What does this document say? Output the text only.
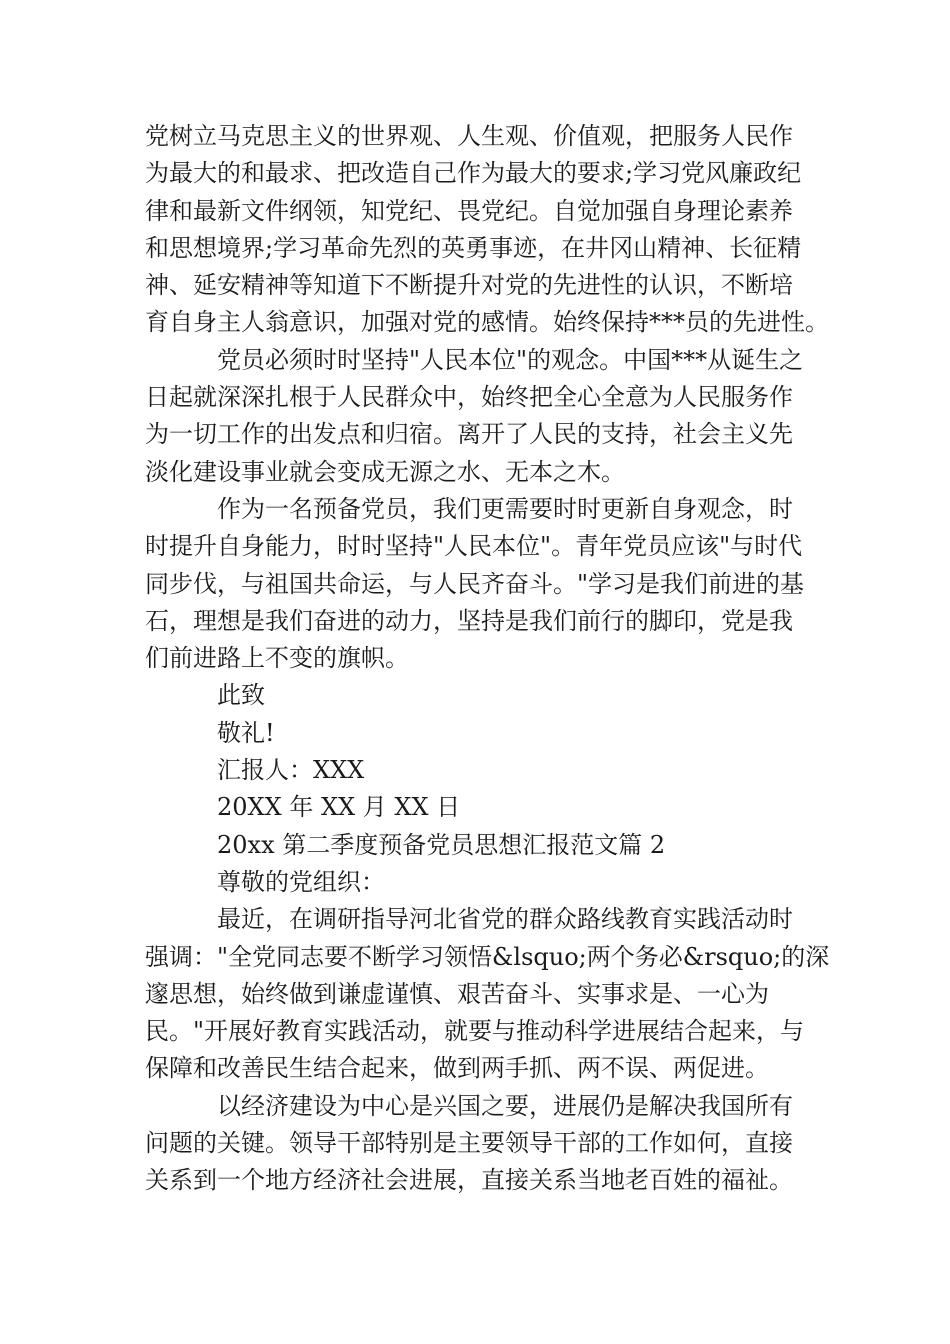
党树立马克思主义的世界观、人生观、价值观，把服务人民作
为最大的和最求、把改造自己作为最大的要求;学习党风廉政纪
律和最新文件纲领，知党纪、畏党纪。自觉加强自身理论素养
和思想境界;学习革命先烈的英勇事迹，在井冈山精神、长征精
神、延安精神等知道下不断提升对党的先进性的认识，不断培
育自身主人翁意识，加强对党的感情。始终保持***员的先进性。
党员必须时时坚持"人民本位"的观念。中国***从诞生之
日起就深深扎根于人民群众中，始终把全心全意为人民服务作
为一切工作的出发点和归宿。离开了人民的支持，社会主义先
淡化建设事业就会变成无源之水、无本之木。
作为一名预备党员，我们更需要时时更新自身观念，时
时提升自身能力，时时坚持"人民本位"。青年党员应该"与时代
同步伐，与祖国共命运，与人民齐奋斗。"学习是我们前进的基
石，理想是我们奋进的动力，坚持是我们前行的脚印，党是我
们前进路上不变的旗帜。
此致
敬礼!
汇报人：XXX
20XX 年 XX 月 XX 日
20xx 第二季度预备党员思想汇报范文篇 2
尊敬的党组织：
最近，在调研指导河北省党的群众路线教育实践活动时
强调："全党同志要不断学习领悟&lsquo;两个务必&rsquo;的深
邃思想，始终做到谦虚谨慎、艰苦奋斗、实事求是、一心为
民。"开展好教育实践活动，就要与推动科学进展结合起来，与
保障和改善民生结合起来，做到两手抓、两不误、两促进。
以经济建设为中心是兴国之要，进展仍是解决我国所有
问题的关键。领导干部特别是主要领导干部的工作如何，直接
关系到一个地方经济社会进展，直接关系当地老百姓的福祉。
